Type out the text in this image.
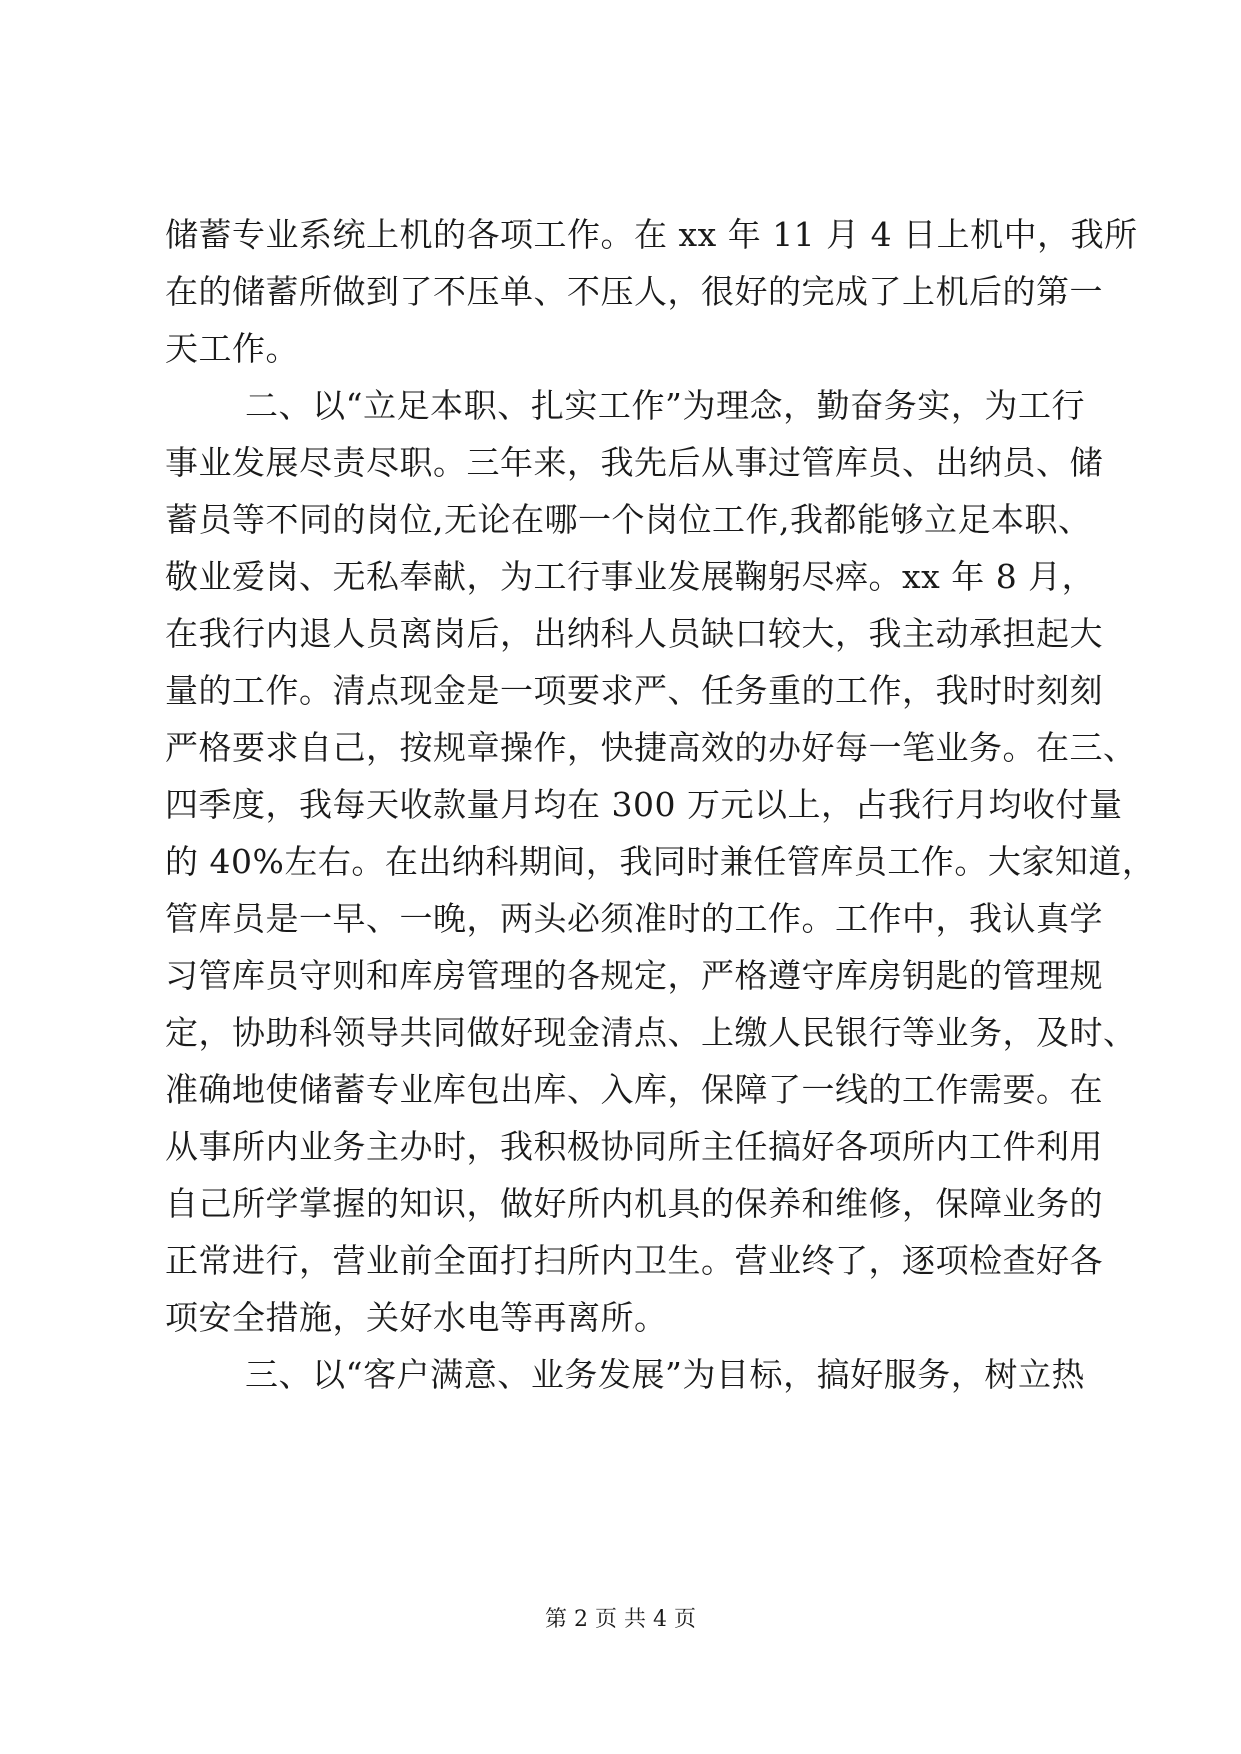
储蓄专业系统上机的各项工作。在 xx 年 11 月 4 日上机中，我所
在的储蓄所做到了不压单、不压人，很好的完成了上机后的第一
天工作。
二、以“立足本职、扎实工作”为理念，勤奋务实，为工行
事业发展尽责尽职。三年来，我先后从事过管库员、出纳员、储
蓄员等不同的岗位,无论在哪一个岗位工作,我都能够立足本职、
敬业爱岗、无私奉献，为工行事业发展鞠躬尽瘁。xx 年 8 月，
在我行内退人员离岗后，出纳科人员缺口较大，我主动承担起大
量的工作。清点现金是一项要求严、任务重的工作，我时时刻刻
严格要求自己，按规章操作，快捷高效的办好每一笔业务。在三、
四季度，我每天收款量月均在 300 万元以上，占我行月均收付量
的 40%左右。在出纳科期间，我同时兼任管库员工作。大家知道，
管库员是一早、一晚，两头必须准时的工作。工作中，我认真学
习管库员守则和库房管理的各规定，严格遵守库房钥匙的管理规
定，协助科领导共同做好现金清点、上缴人民银行等业务，及时、
准确地使储蓄专业库包出库、入库，保障了一线的工作需要。在
从事所内业务主办时，我积极协同所主任搞好各项所内工件利用
自己所学掌握的知识，做好所内机具的保养和维修，保障业务的
正常进行，营业前全面打扫所内卫生。营业终了，逐项检查好各
项安全措施，关好水电等再离所。
三、以“客户满意、业务发展”为目标，搞好服务，树立热
第 2 页 共 4 页
